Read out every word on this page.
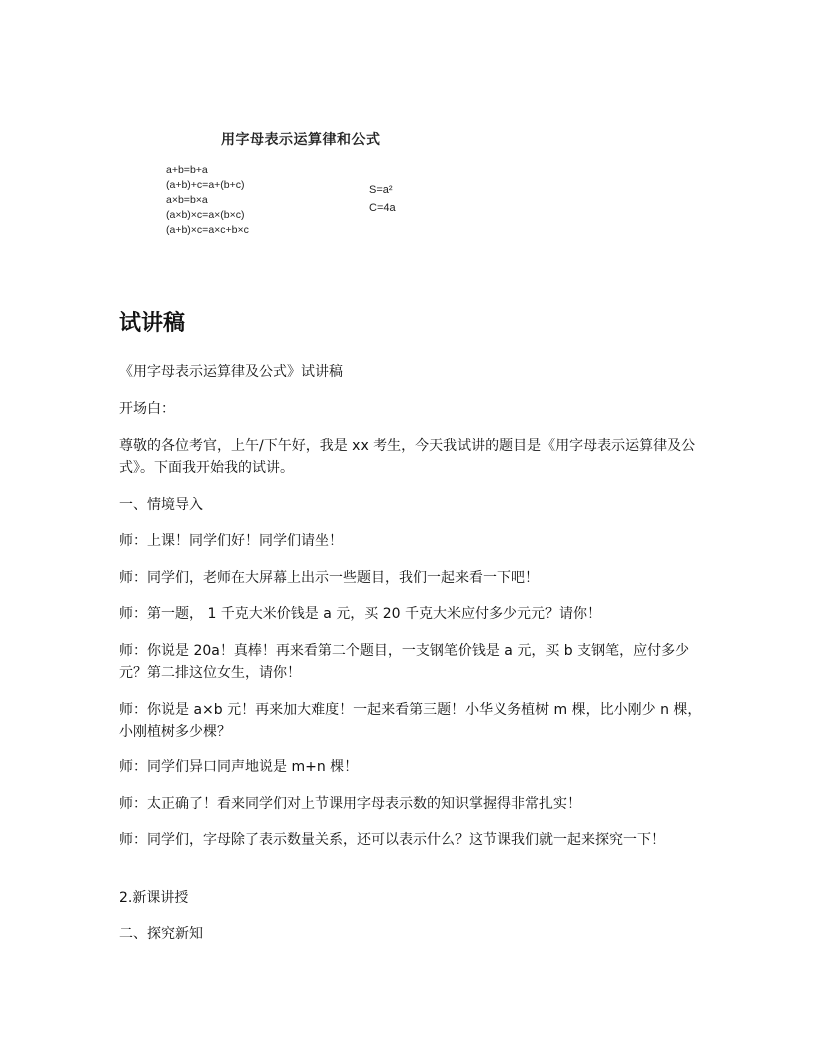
用字母表示运算律和公式
a+b=b+a
(a+b)+c=a+(b+c)
a×b=b×a
(a×b)×c=a×(b×c)
(a+b)×c=a×c+b×c
S=a²
C=4a
试讲稿
《用字母表示运算律及公式》试讲稿
开场白：
尊敬的各位考官，上午/下午好，我是 xx 考生，今天我试讲的题目是《用字母表示运算律及公式》。下面我开始我的试讲。
一、情境导入
师：上课！同学们好！同学们请坐！
师：同学们，老师在大屏幕上出示一些题目，我们一起来看一下吧！
师：第一题， 1 千克大米价钱是 a 元，买 20 千克大米应付多少元元？请你！
师：你说是 20a！真棒！再来看第二个题目，一支钢笔价钱是 a 元，买 b 支钢笔，应付多少元？第二排这位女生，请你！
师：你说是 a×b 元！再来加大难度！一起来看第三题！小华义务植树 m 棵，比小刚少 n 棵，小刚植树多少棵？
师：同学们异口同声地说是 m+n 棵！
师：太正确了！看来同学们对上节课用字母表示数的知识掌握得非常扎实！
师：同学们，字母除了表示数量关系，还可以表示什么？这节课我们就一起来探究一下！
2.新课讲授
二、探究新知
